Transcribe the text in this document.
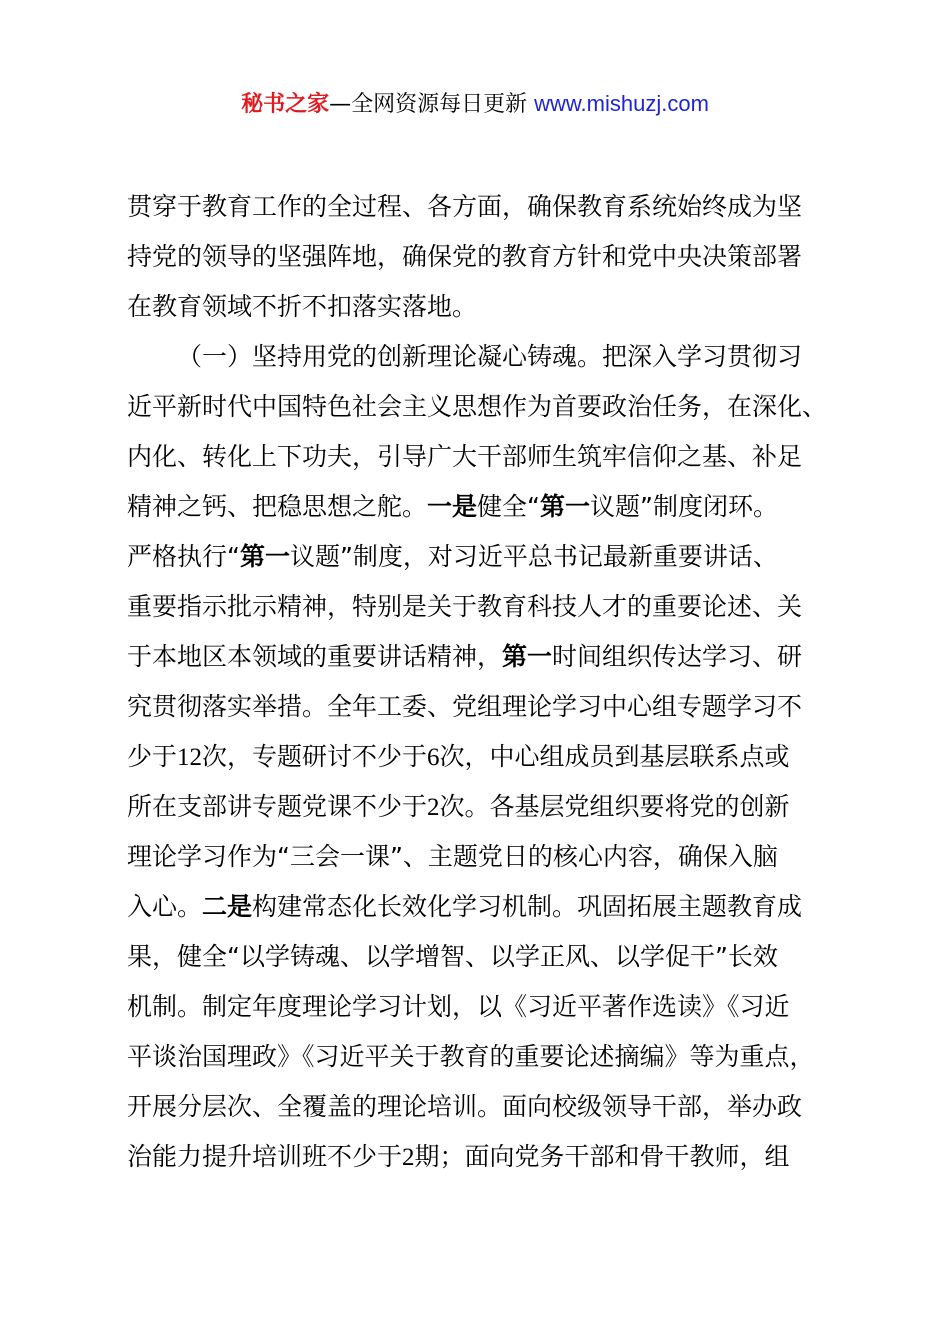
秘书之家—全网资源每日更新 www.mishuzj.com
贯穿于教育工作的全过程、各方面，确保教育系统始终成为坚
持党的领导的坚强阵地，确保党的教育方针和党中央决策部署
在教育领域不折不扣落实落地。
（一）坚持用党的创新理论凝心铸魂。把深入学习贯彻习
近平新时代中国特色社会主义思想作为首要政治任务，在深化、
内化、转化上下功夫，引导广大干部师生筑牢信仰之基、补足
精神之钙、把稳思想之舵。一是健全“第一议题”制度闭环。
严格执行“第一议题”制度，对习近平总书记最新重要讲话、
重要指示批示精神，特别是关于教育科技人才的重要论述、关
于本地区本领域的重要讲话精神，第一时间组织传达学习、研
究贯彻落实举措。全年工委、党组理论学习中心组专题学习不
少于12次，专题研讨不少于6次，中心组成员到基层联系点或
所在支部讲专题党课不少于2次。各基层党组织要将党的创新
理论学习作为“三会一课”、主题党日的核心内容，确保入脑
入心。二是构建常态化长效化学习机制。巩固拓展主题教育成
果，健全“以学铸魂、以学增智、以学正风、以学促干”长效
机制。制定年度理论学习计划，以《习近平著作选读》《习近
平谈治国理政》《习近平关于教育的重要论述摘编》等为重点，
开展分层次、全覆盖的理论培训。面向校级领导干部，举办政
治能力提升培训班不少于2期；面向党务干部和骨干教师，组
